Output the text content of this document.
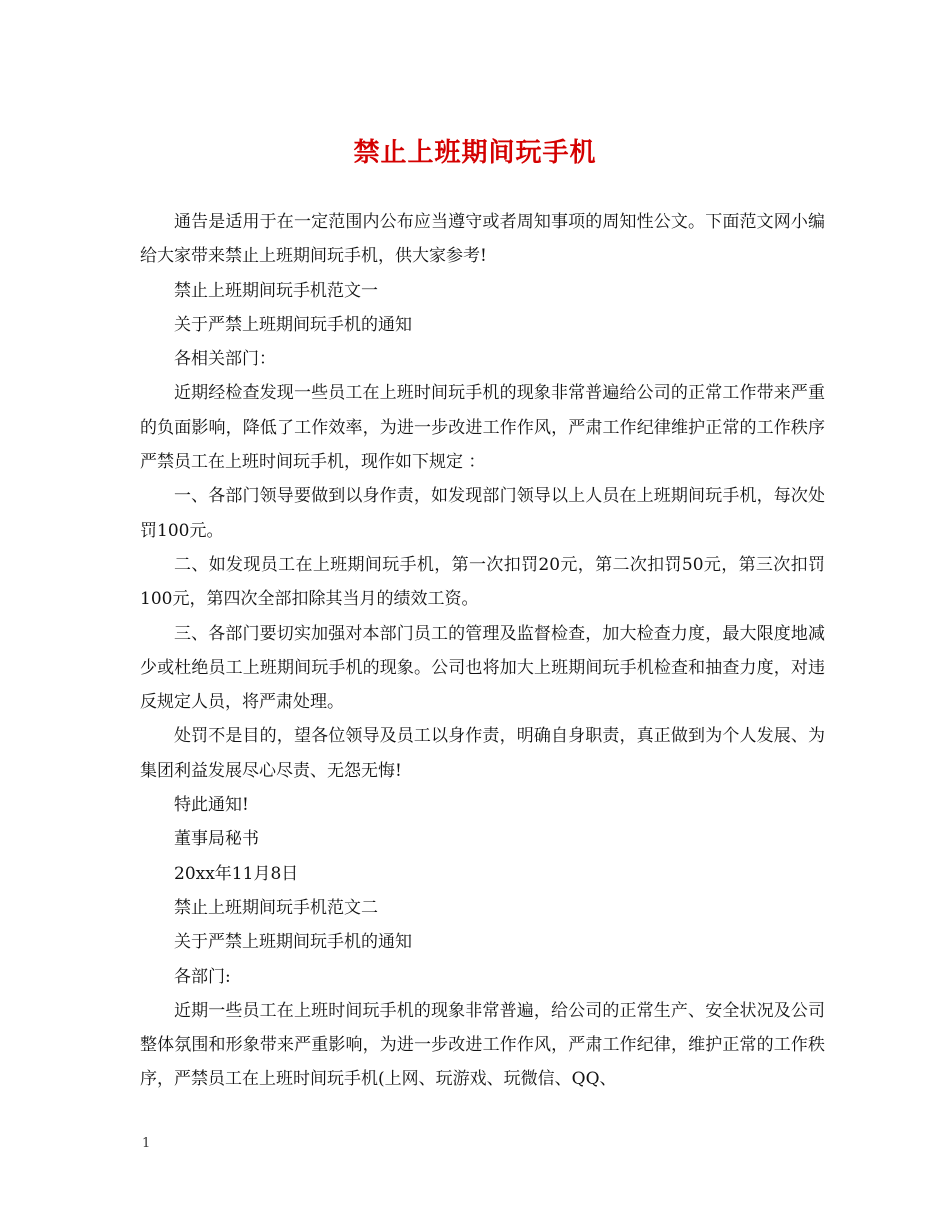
禁止上班期间玩手机

通告是适用于在一定范围内公布应当遵守或者周知事项的周知性公文。下面范文网小编给大家带来禁止上班期间玩手机，供大家参考!

禁止上班期间玩手机范文一

关于严禁上班期间玩手机的通知

各相关部门：

近期经检查发现一些员工在上班时间玩手机的现象非常普遍给公司的正常工作带来严重的负面影响，降低了工作效率，为进一步改进工作作风，严肃工作纪律维护正常的工作秩序严禁员工在上班时间玩手机，现作如下规定 ：

一、各部门领导要做到以身作责，如发现部门领导以上人员在上班期间玩手机，每次处罚100元。

二、如发现员工在上班期间玩手机，第一次扣罚20元，第二次扣罚50元，第三次扣罚100元，第四次全部扣除其当月的绩效工资。

三、各部门要切实加强对本部门员工的管理及监督检查，加大检查力度，最大限度地减少或杜绝员工上班期间玩手机的现象。公司也将加大上班期间玩手机检查和抽查力度，对违反规定人员，将严肃处理。

处罚不是目的，望各位领导及员工以身作责，明确自身职责，真正做到为个人发展、为集团利益发展尽心尽责、无怨无悔!

特此通知!

董事局秘书

20xx年11月8日

禁止上班期间玩手机范文二

关于严禁上班期间玩手机的通知

各部门:

近期一些员工在上班时间玩手机的现象非常普遍，给公司的正常生产、安全状况及公司整体氛围和形象带来严重影响，为进一步改进工作作风，严肃工作纪律，维护正常的工作秩序，严禁员工在上班时间玩手机(上网、玩游戏、玩微信、QQ、

1
